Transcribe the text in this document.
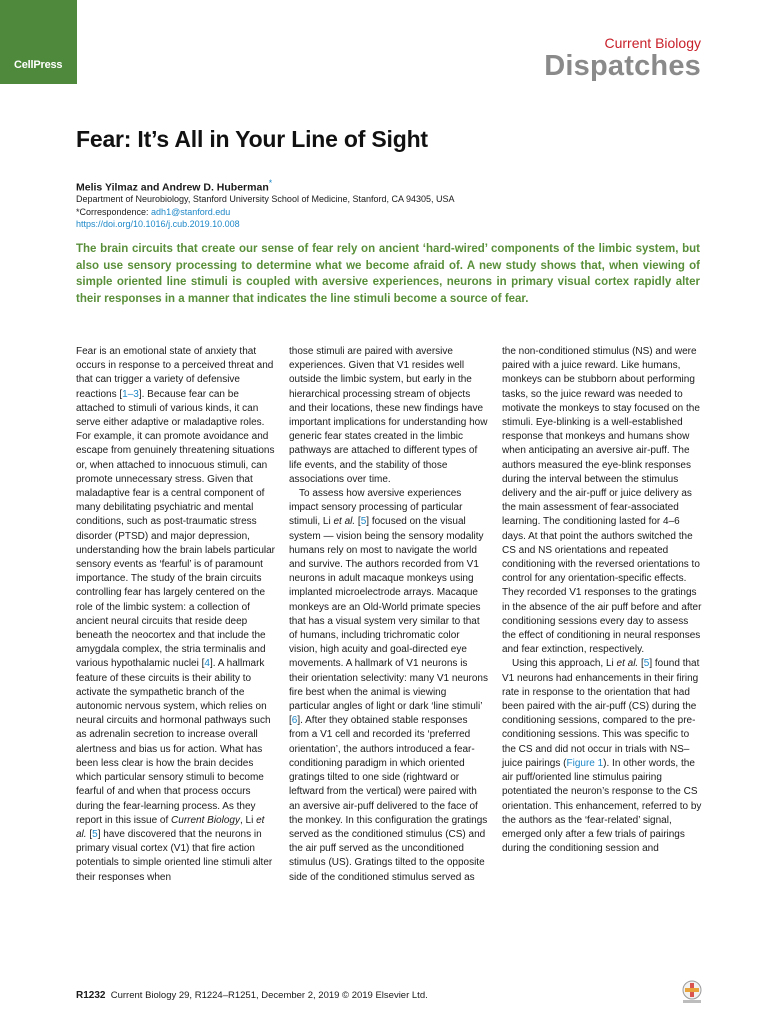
CellPress
Current Biology
Dispatches
Fear: It’s All in Your Line of Sight
Melis Yilmaz and Andrew D. Huberman*
Department of Neurobiology, Stanford University School of Medicine, Stanford, CA 94305, USA
*Correspondence: adh1@stanford.edu
https://doi.org/10.1016/j.cub.2019.10.008

The brain circuits that create our sense of fear rely on ancient ‘hard-wired’ components of the limbic system, but also use sensory processing to determine what we become afraid of. A new study shows that, when viewing of simple oriented line stimuli is coupled with aversive experiences, neurons in primary visual cortex rapidly alter their responses in a manner that indicates the line stimuli become a source of fear.

Fear is an emotional state of anxiety that occurs in response to a perceived threat and that can trigger a variety of defensive reactions [1–3]. Because fear can be attached to stimuli of various kinds, it can serve either adaptive or maladaptive roles. For example, it can promote avoidance and escape from genuinely threatening situations or, when attached to innocuous stimuli, can promote unnecessary stress. Given that maladaptive fear is a central component of many debilitating psychiatric and mental conditions, such as post-traumatic stress disorder (PTSD) and major depression, understanding how the brain labels particular sensory events as ‘fearful’ is of paramount importance. The study of the brain circuits controlling fear has largely centered on the role of the limbic system: a collection of ancient neural circuits that reside deep beneath the neocortex and that include the amygdala complex, the stria terminalis and various hypothalamic nuclei [4]. A hallmark feature of these circuits is their ability to activate the sympathetic branch of the autonomic nervous system, which relies on neural circuits and hormonal pathways such as adrenalin secretion to increase overall alertness and bias us for action. What has been less clear is how the brain decides which particular sensory stimuli to become fearful of and when that process occurs during the fear-learning process. As they report in this issue of Current Biology, Li et al. [5] have discovered that the neurons in primary visual cortex (V1) that fire action potentials to simple oriented line stimuli alter their responses when

those stimuli are paired with aversive experiences. Given that V1 resides well outside the limbic system, but early in the hierarchical processing stream of objects and their locations, these new findings have important implications for understanding how generic fear states created in the limbic pathways are attached to different types of life events, and the stability of those associations over time.

To assess how aversive experiences impact sensory processing of particular stimuli, Li et al. [5] focused on the visual system — vision being the sensory modality humans rely on most to navigate the world and survive. The authors recorded from V1 neurons in adult macaque monkeys using implanted microelectrode arrays. Macaque monkeys are an Old-World primate species that has a visual system very similar to that of humans, including trichromatic color vision, high acuity and goal-directed eye movements. A hallmark of V1 neurons is their orientation selectivity: many V1 neurons fire best when the animal is viewing particular angles of light or dark ‘line stimuli’ [6]. After they obtained stable responses from a V1 cell and recorded its ‘preferred orientation’, the authors introduced a fear-conditioning paradigm in which oriented gratings tilted to one side (rightward or leftward from the vertical) were paired with an aversive air-puff delivered to the face of the monkey. In this configuration the gratings served as the conditioned stimulus (CS) and the air puff served as the unconditioned stimulus (US). Gratings tilted to the opposite side of the conditioned stimulus served as

the non-conditioned stimulus (NS) and were paired with a juice reward. Like humans, monkeys can be stubborn about performing tasks, so the juice reward was needed to motivate the monkeys to stay focused on the stimuli. Eye-blinking is a well-established response that monkeys and humans show when anticipating an aversive air-puff. The authors measured the eye-blink responses during the interval between the stimulus delivery and the air-puff or juice delivery as the main assessment of fear-associated learning. The conditioning lasted for 4–6 days. At that point the authors switched the CS and NS orientations and repeated conditioning with the reversed orientations to control for any orientation-specific effects. They recorded V1 responses to the gratings in the absence of the air puff before and after conditioning sessions every day to assess the effect of conditioning in neural responses and fear extinction, respectively.

Using this approach, Li et al. [5] found that V1 neurons had enhancements in their firing rate in response to the orientation that had been paired with the air-puff (CS) during the conditioning sessions, compared to the pre-conditioning sessions. This was specific to the CS and did not occur in trials with NS–juice pairings (Figure 1). In other words, the air puff/oriented line stimulus pairing potentiated the neuron’s response to the CS orientation. This enhancement, referred to by the authors as the ‘fear-related’ signal, emerged only after a few trials of pairings during the conditioning session and

R1232 Current Biology 29, R1224–R1251, December 2, 2019 © 2019 Elsevier Ltd.
